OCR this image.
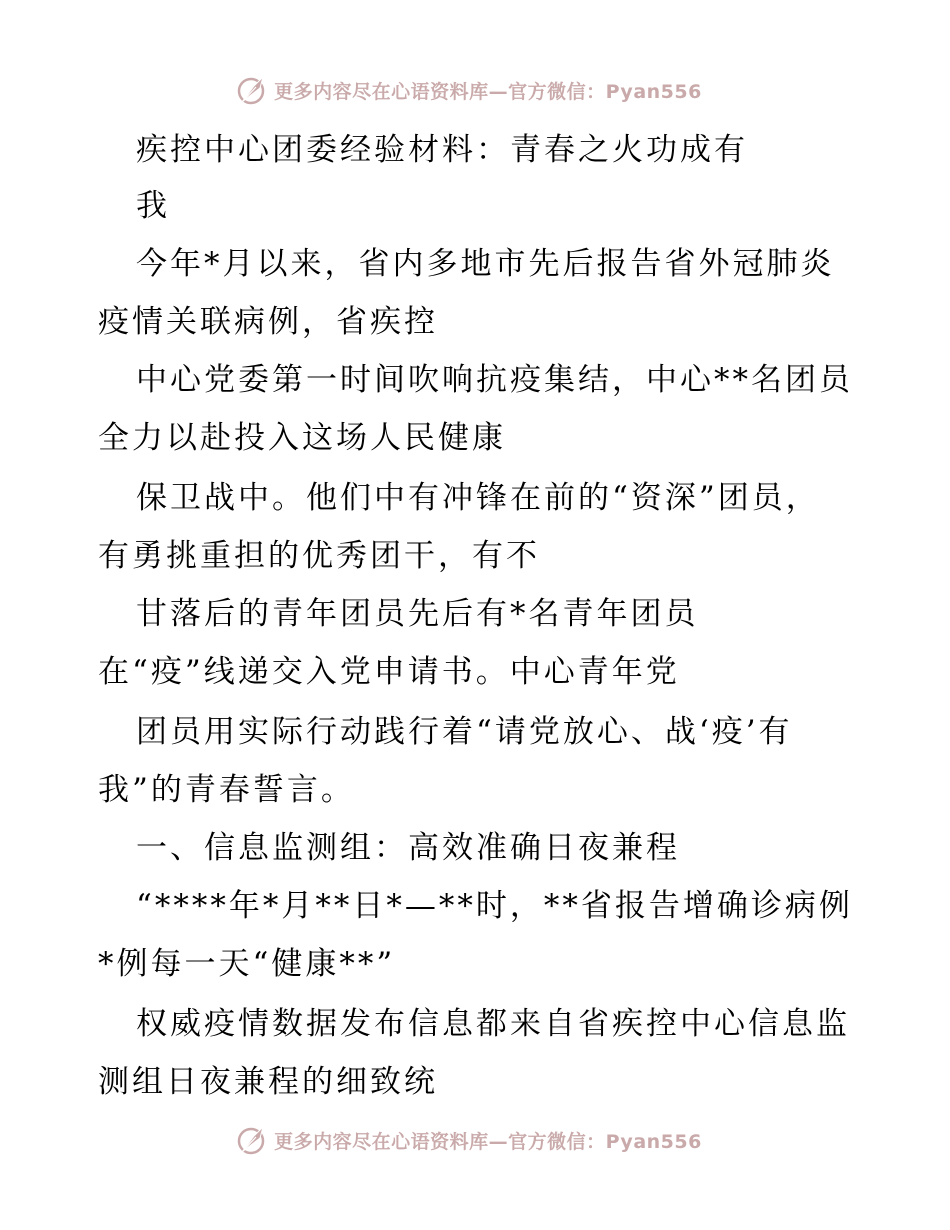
更多内容尽在心语资料库—官方微信：Pyan556
疾控中心团委经验材料：青春之火功成有
我
今年*月以来，省内多地市先后报告省外冠肺炎
疫情关联病例，省疾控
中心党委第一时间吹响抗疫集结，中心**名团员
全力以赴投入这场人民健康
保卫战中。他们中有冲锋在前的“资深”团员，
有勇挑重担的优秀团干，有不
甘落后的青年团员先后有*名青年团员
在“疫”线递交入党申请书。中心青年党
团员用实际行动践行着“请党放心、战‘疫’有
我”的青春誓言。
一、信息监测组：高效准确日夜兼程
“****年*月**日*—**时，**省报告增确诊病例
*例每一天“健康**”
权威疫情数据发布信息都来自省疾控中心信息监
测组日夜兼程的细致统
更多内容尽在心语资料库—官方微信：Pyan556
